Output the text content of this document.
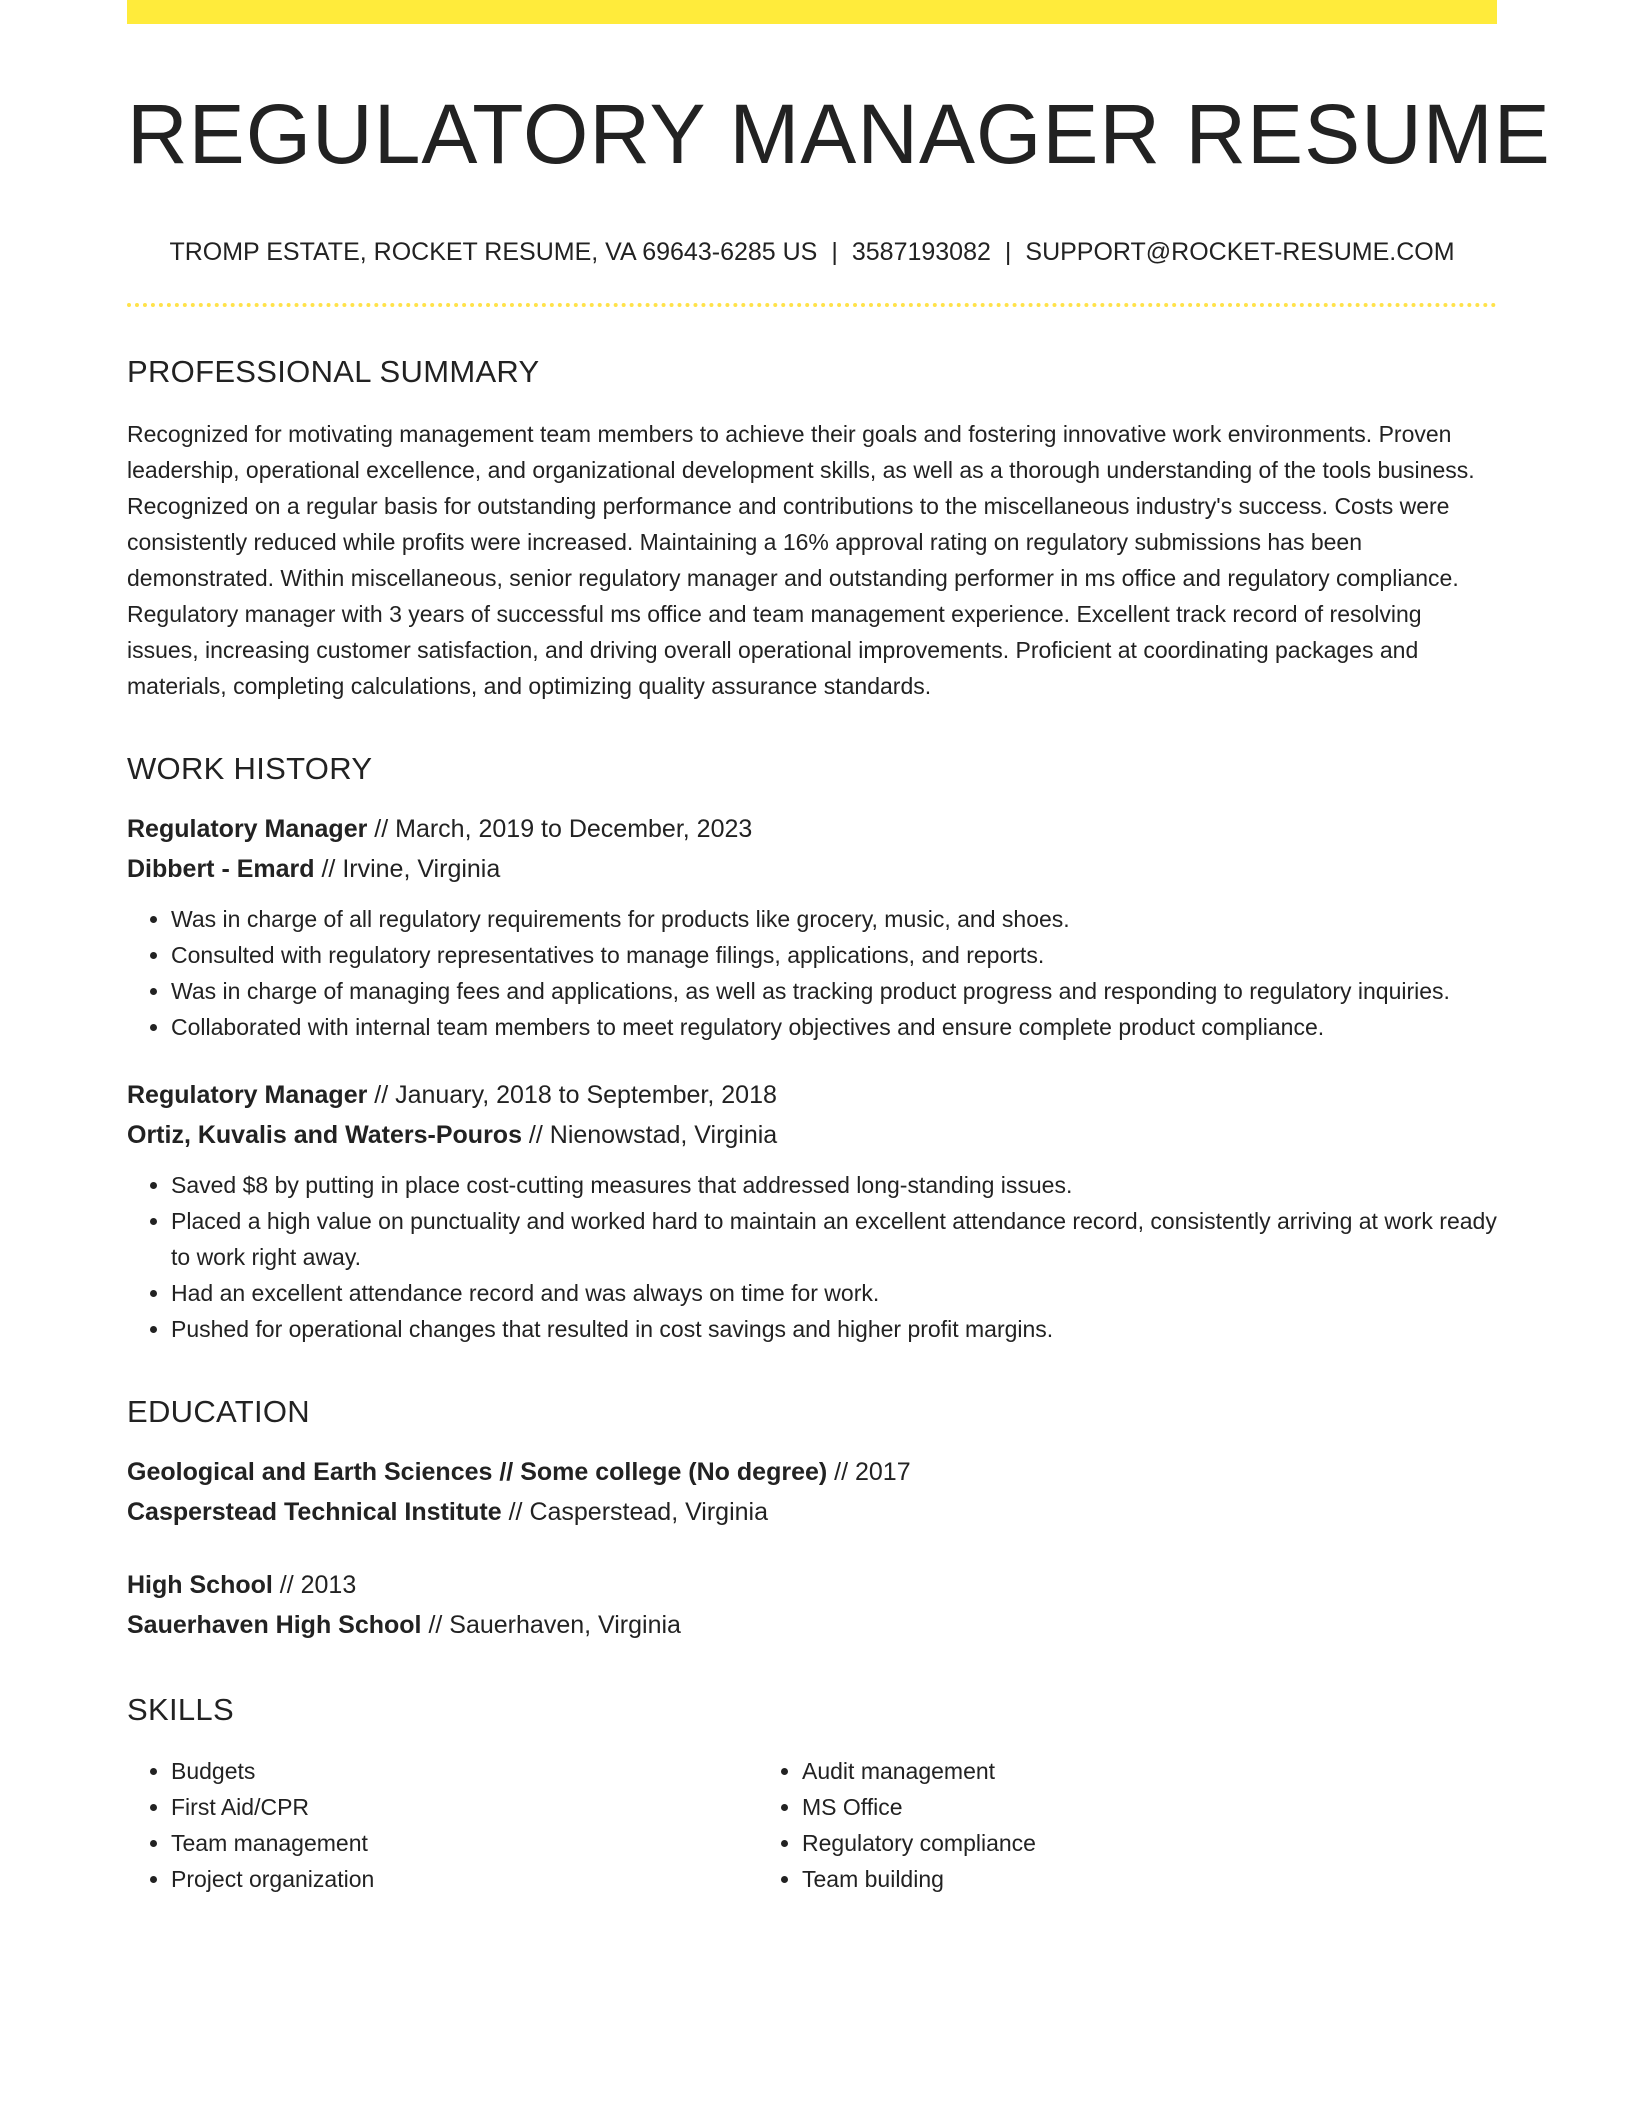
REGULATORY MANAGER RESUME
TROMP ESTATE, ROCKET RESUME, VA 69643-6285 US | 3587193082 | SUPPORT@ROCKET-RESUME.COM
PROFESSIONAL SUMMARY
Recognized for motivating management team members to achieve their goals and fostering innovative work environments. Proven leadership, operational excellence, and organizational development skills, as well as a thorough understanding of the tools business. Recognized on a regular basis for outstanding performance and contributions to the miscellaneous industry's success. Costs were consistently reduced while profits were increased. Maintaining a 16% approval rating on regulatory submissions has been demonstrated. Within miscellaneous, senior regulatory manager and outstanding performer in ms office and regulatory compliance. Regulatory manager with 3 years of successful ms office and team management experience. Excellent track record of resolving issues, increasing customer satisfaction, and driving overall operational improvements. Proficient at coordinating packages and materials, completing calculations, and optimizing quality assurance standards.
WORK HISTORY
Regulatory Manager // March, 2019 to December, 2023
Dibbert - Emard // Irvine, Virginia
• Was in charge of all regulatory requirements for products like grocery, music, and shoes.
• Consulted with regulatory representatives to manage filings, applications, and reports.
• Was in charge of managing fees and applications, as well as tracking product progress and responding to regulatory inquiries.
• Collaborated with internal team members to meet regulatory objectives and ensure complete product compliance.
Regulatory Manager // January, 2018 to September, 2018
Ortiz, Kuvalis and Waters-Pouros // Nienowstad, Virginia
• Saved $8 by putting in place cost-cutting measures that addressed long-standing issues.
• Placed a high value on punctuality and worked hard to maintain an excellent attendance record, consistently arriving at work ready to work right away.
• Had an excellent attendance record and was always on time for work.
• Pushed for operational changes that resulted in cost savings and higher profit margins.
EDUCATION
Geological and Earth Sciences // Some college (No degree) // 2017
Casperstead Technical Institute // Casperstead, Virginia
High School // 2013
Sauerhaven High School // Sauerhaven, Virginia
SKILLS
• Budgets
• First Aid/CPR
• Team management
• Project organization
• Audit management
• MS Office
• Regulatory compliance
• Team building
